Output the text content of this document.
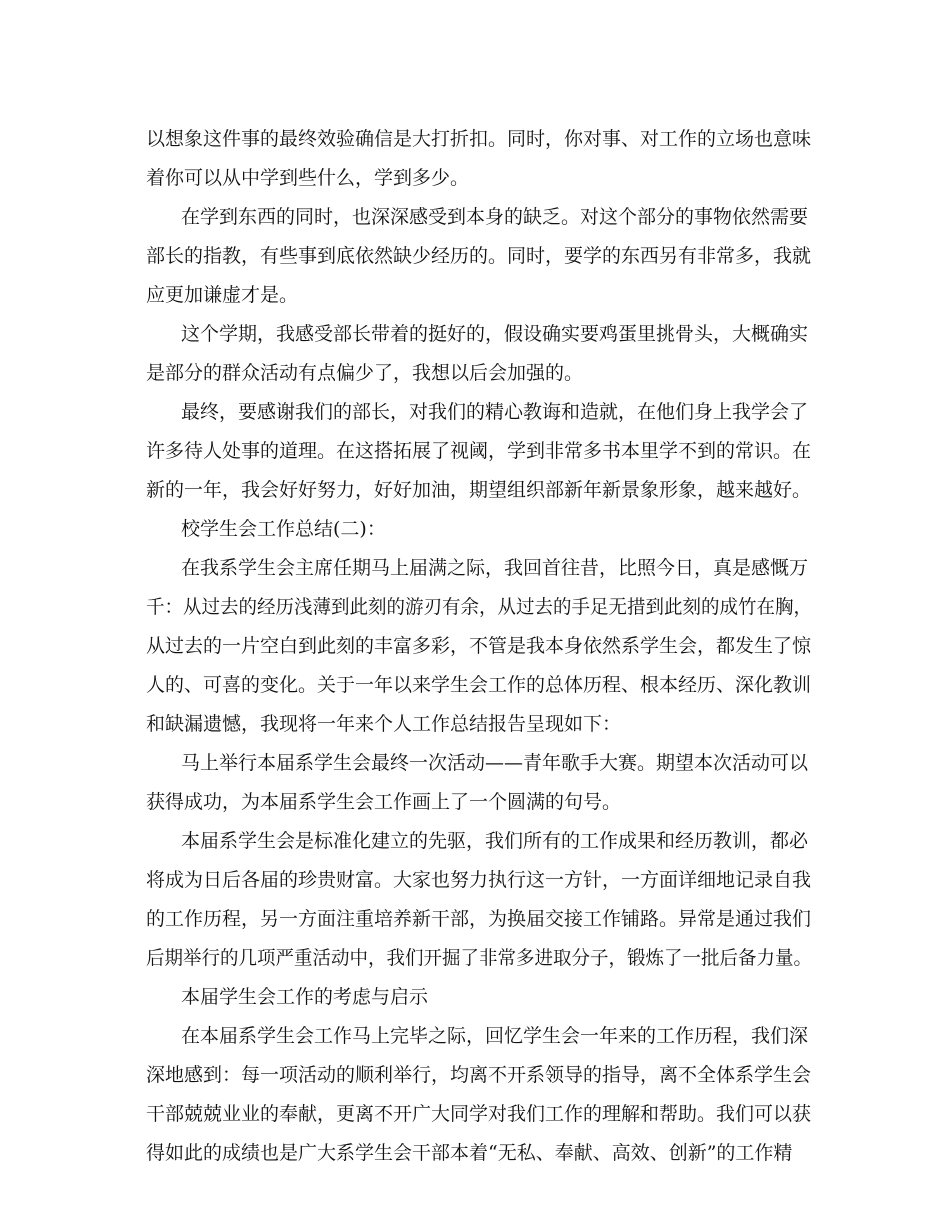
以想象这件事的最终效验确信是大打折扣。同时，你对事、对工作的立场也意味
着你可以从中学到些什么，学到多少。
在学到东西的同时，也深深感受到本身的缺乏。对这个部分的事物依然需要
部长的指教，有些事到底依然缺少经历的。同时，要学的东西另有非常多，我就
应更加谦虚才是。
这个学期，我感受部长带着的挺好的，假设确实要鸡蛋里挑骨头，大概确实
是部分的群众活动有点偏少了，我想以后会加强的。
最终，要感谢我们的部长，对我们的精心教诲和造就，在他们身上我学会了
许多待人处事的道理。在这搭拓展了视阈，学到非常多书本里学不到的常识。在
新的一年，我会好好努力，好好加油，期望组织部新年新景象形象，越来越好。
校学生会工作总结(二)：
在我系学生会主席任期马上届满之际，我回首往昔，比照今日，真是感慨万
千：从过去的经历浅薄到此刻的游刃有余，从过去的手足无措到此刻的成竹在胸，
从过去的一片空白到此刻的丰富多彩，不管是我本身依然系学生会，都发生了惊
人的、可喜的变化。关于一年以来学生会工作的总体历程、根本经历、深化教训
和缺漏遗憾，我现将一年来个人工作总结报告呈现如下：
马上举行本届系学生会最终一次活动——青年歌手大赛。期望本次活动可以
获得成功，为本届系学生会工作画上了一个圆满的句号。
本届系学生会是标准化建立的先驱，我们所有的工作成果和经历教训，都必
将成为日后各届的珍贵财富。大家也努力执行这一方针，一方面详细地记录自我
的工作历程，另一方面注重培养新干部，为换届交接工作铺路。异常是通过我们
后期举行的几项严重活动中，我们开掘了非常多进取分子，锻炼了一批后备力量。
本届学生会工作的考虑与启示
在本届系学生会工作马上完毕之际，回忆学生会一年来的工作历程，我们深
深地感到：每一项活动的顺利举行，均离不开系领导的指导，离不全体系学生会
干部兢兢业业的奉献，更离不开广大同学对我们工作的理解和帮助。我们可以获
得如此的成绩也是广大系学生会干部本着“无私、奉献、高效、创新”的工作精
